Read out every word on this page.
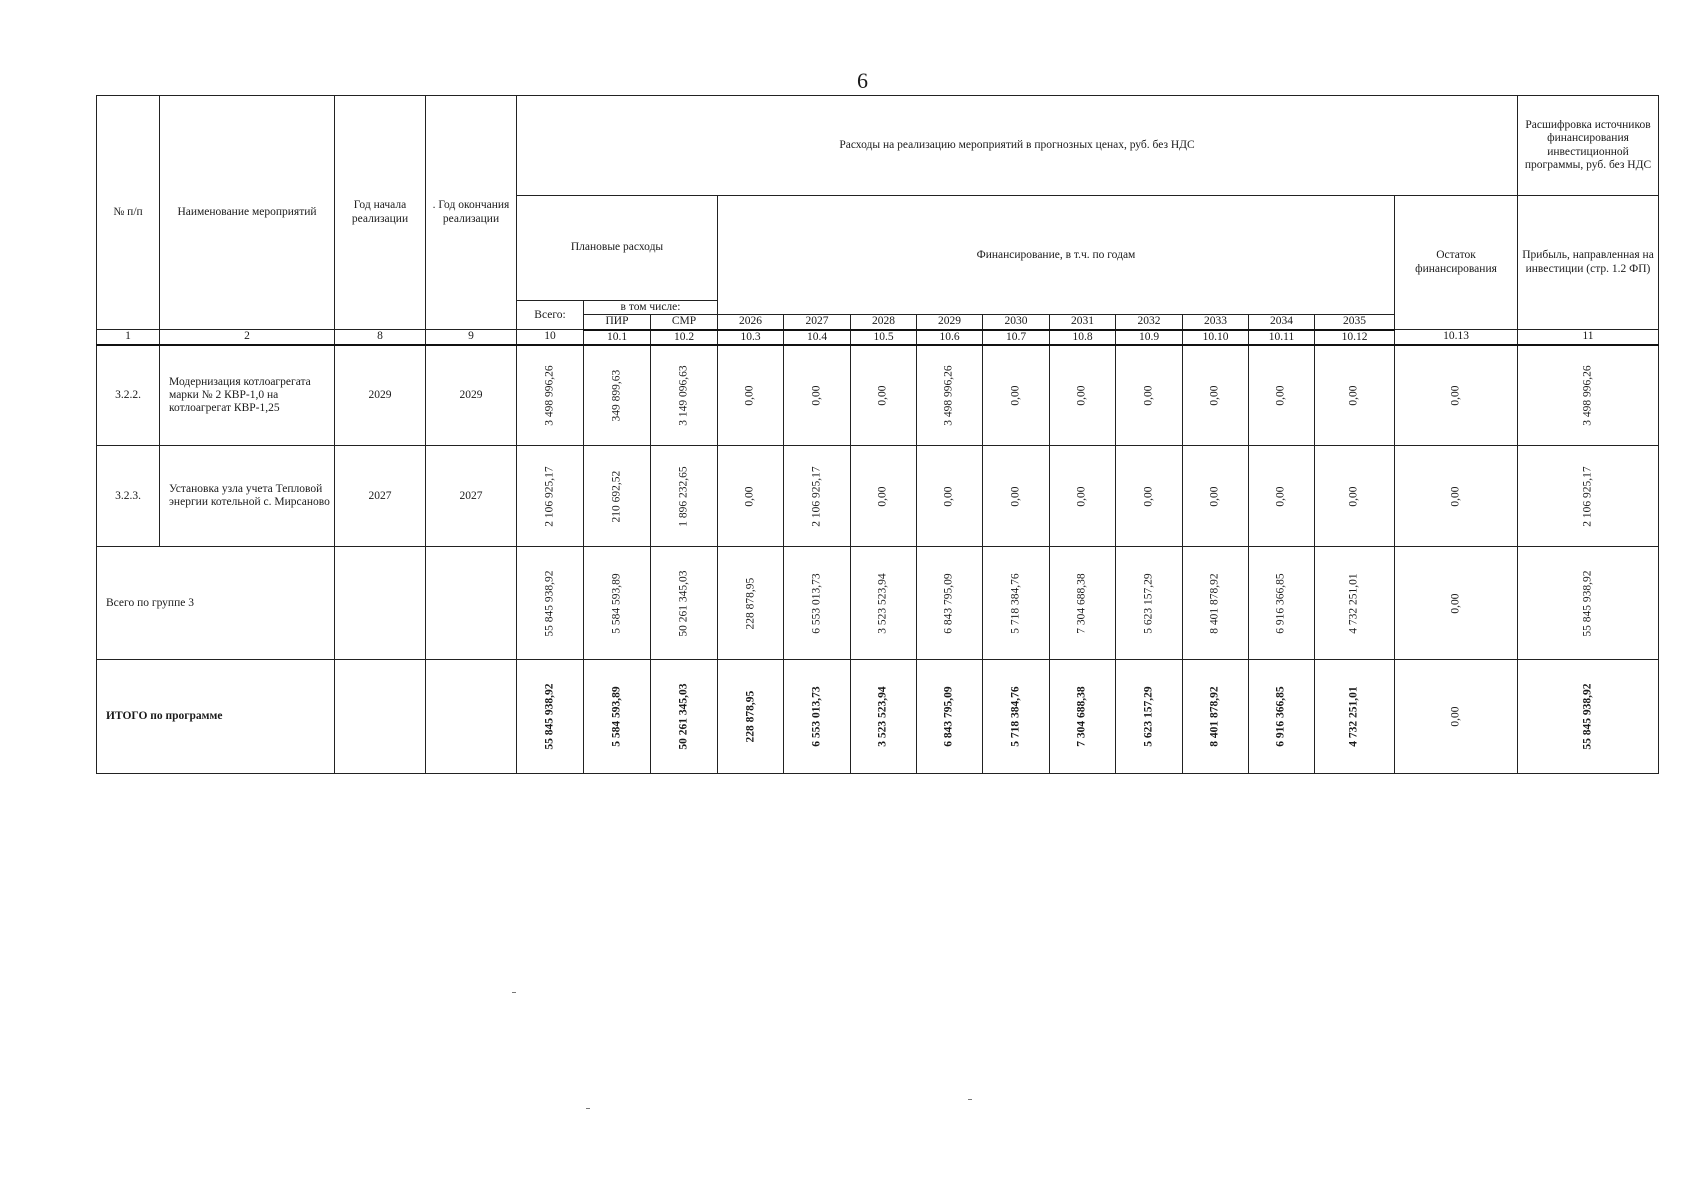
6
№ п/п	Наименование мероприятий	Год начала реализации	. Год окончания реализации	Расходы на реализацию мероприятий в прогнозных ценах, руб. без НДС														Расшифровка источников финансирования инвестиционной программы, руб. без НДС
				Плановые расходы			Финансирование, в т.ч. по годам										Остаток финансирования	Прибыль, направленная на инвестиции (стр. 1.2 ФП)
				Всего:	в том числе:													
					ПИР	СМР	2026	2027	2028	2029	2030	2031	2032	2033	2034	2035		
1	2	8	9	10	10.1	10.2	10.3	10.4	10.5	10.6	10.7	10.8	10.9	10.10	10.11	10.12	10.13	11
3.2.2.	Модернизация котлоагрегата марки № 2 КВР-1,0 на котлоагрегат КВР-1,25	2029	2029	3 498 996,26	349 899,63	3 149 096,63	0,00	0,00	0,00	3 498 996,26	0,00	0,00	0,00	0,00	0,00	0,00	0,00	3 498 996,26
3.2.3.	Установка узла учета Тепловой энергии котельной с. Мирсаново	2027	2027	2 106 925,17	210 692,52	1 896 232,65	0,00	2 106 925,17	0,00	0,00	0,00	0,00	0,00	0,00	0,00	0,00	0,00	2 106 925,17
Всего по группе 3				55 845 938,92	5 584 593,89	50 261 345,03	228 878,95	6 553 013,73	3 523 523,94	6 843 795,09	5 718 384,76	7 304 688,38	5 623 157,29	8 401 878,92	6 916 366,85	4 732 251,01	0,00	55 845 938,92
ИТОГО по программе				55 845 938,92	5 584 593,89	50 261 345,03	228 878,95	6 553 013,73	3 523 523,94	6 843 795,09	5 718 384,76	7 304 688,38	5 623 157,29	8 401 878,92	6 916 366,85	4 732 251,01	0,00	55 845 938,92
